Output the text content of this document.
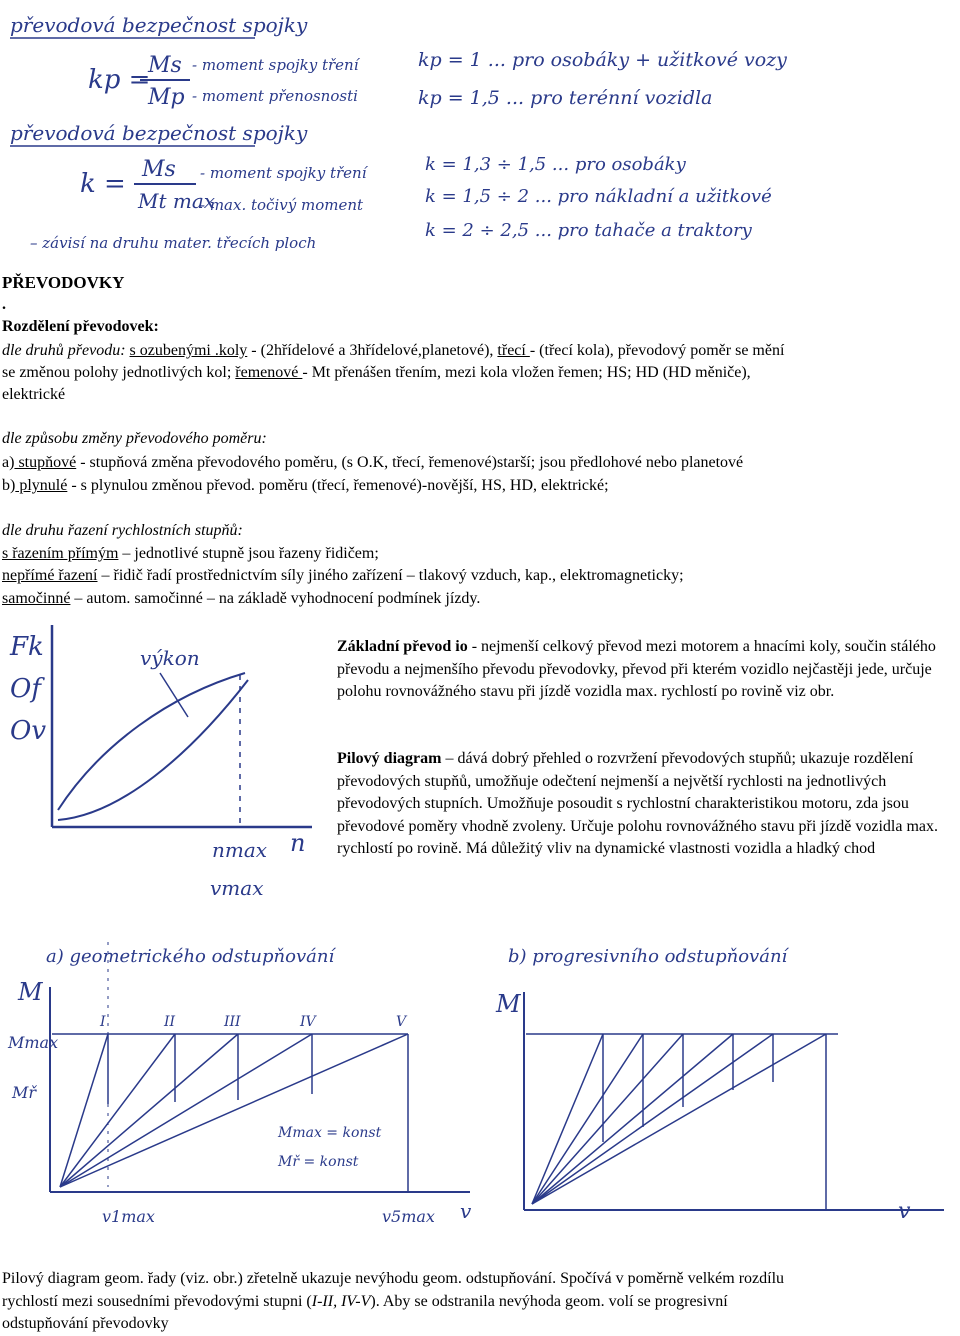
převodová bezpečnost spojky
kp =
Ms
Mp
- moment spojky tření
- moment přenosnosti
kp = 1 ... pro osobáky + užitkové vozy
kp = 1,5 ... pro terénní vozidla
převodová bezpečnost spojky
k = Ms
Mt max
- moment spojky tření
- max. točivý moment
– závisí na druhu mater. třecích ploch
k = 1,3 ÷ 1,5 ... pro osobáky
k = 1,5 ÷ 2 ... pro nákladní a užitkové
k = 2 ÷ 2,5 ... pro tahače a traktory
PŘEVODOVKY
.
Rozdělení převodovek:
dle druhů převodu: s ozubenými .koly - (2hřídelové a 3hřídelové,planetové), třecí - (třecí kola), převodový poměr se mění
se změnou polohy jednotlivých kol; řemenové - Mt přenášen třením, mezi kola vložen řemen; HS; HD (HD měniče),
elektrické
dle způsobu změny převodového poměru:
a) stupňové - stupňová změna převodového poměru, (s O.K, třecí, řemenové)starší; jsou předlohové nebo planetové
b) plynulé - s plynulou změnou převod. poměru (třecí, řemenové)-novější, HS, HD, elektrické;
dle druhu řazení rychlostních stupňů:
s řazením přímým – jednotlivé stupně jsou řazeny řidičem;
nepřímé řazení – řidič řadí prostřednictvím síly jiného zařízení – tlakový vzduch, kap., elektromagneticky;
samočinné – autom. samočinné – na základě vyhodnocení podmínek jízdy.
Fk
Of
Ov
výkon
nmax n
vmax
Základní převod io - nejmenší celkový převod mezi motorem a hnacími koly, součin stálého převodu a nejmenšího převodu převodovky, převod při kterém vozidlo nejčastěji jede, určuje polohu rovnovážného stavu při jízdě vozidla max. rychlostí po rovině viz obr.
Pilový diagram – dává dobrý přehled o rozvržení převodových stupňů; ukazuje rozdělení převodových stupňů, umožňuje odečtení nejmenší a největší rychlosti na jednotlivých převodových stupních. Umožňuje posoudit s rychlostní charakteristikou motoru, zda jsou převodové poměry vhodně zvoleny. Určuje polohu rovnovážného stavu při jízdě vozidla max. rychlostí po rovině. Má důležitý vliv na dynamické vlastnosti vozidla a hladký chod
a) geometrického odstupňování
M
Mmax
Mř
I	II	III	IV	V
Mmax = konst
Mř = konst
v1max	v5max v
b) progresivního odstupňování
M
v
Pilový diagram geom. řady (viz. obr.) zřetelně ukazuje nevýhodu geom. odstupňování. Spočívá v poměrně velkém rozdílu
rychlostí mezi sousedními převodovými stupni (I-II, IV-V). Aby se odstranila nevýhoda geom. volí se progresivní
odstupňování převodovky
